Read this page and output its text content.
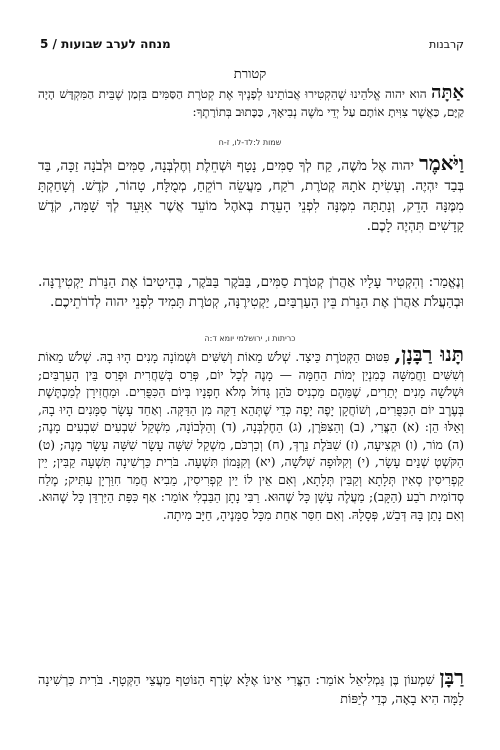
קרבנות
מנחה לערב שבועות / 5
קטורת
אַתָּה הוא יהוה אֱלֹהֵינוּ שֶׁהִקְטִירוּ אֲבוֹתֵינוּ לְפָנֶיךָ אֶת קְטֹרֶת הַסַּמִּים בִּזְמַן שֶׁבֵּית הַמִּקְדָּשׁ הָיָה קַיָּם, כַּאֲשֶׁר צִוִּיתָ אוֹתָם עַל יְדֵי מֹשֶׁה נְבִיאָךְ, כַּכָּתוּב בְּתוֹרָתֶךָ:
שמות ל:לד-לו, ז-ח
וַיֹּאמֶר יהוה אֶל מֹשֶׁה, קַח לְךָ סַמִּים, נָטָף וּשְׁחֵלֶת וְחֶלְבְּנָה, סַמִּים וּלְבֹנָה זַכָּה, בַּד בְּבַד יִהְיֶה. וְעָשִׂיתָ אֹתָהּ קְטֹרֶת, רֹקַח, מַעֲשֵׂה רוֹקֵחַ, מְמֻלָּח, טָהוֹר, קֹדֶשׁ. וְשָׁחַקְתָּ מִמֶּנָּה הָדֵק, וְנָתַתָּה מִמֶּנָּה לִפְנֵי הָעֵדֻת בְּאֹהֶל מוֹעֵד אֲשֶׁר אִוָּעֵד לְךָ שָׁמָּה, קֹדֶשׁ קָדָשִׁים תִּהְיֶה לָכֶם.
וְנֶאֱמַר: וְהִקְטִיר עָלָיו אַהֲרֹן קְטֹרֶת סַמִּים, בַּבֹּקֶר בַּבֹּקֶר, בְּהֵיטִיבוֹ אֶת הַנֵּרֹת יַקְטִירֶנָּה. וּבְהַעֲלֹת אַהֲרֹן אֶת הַנֵּרֹת בֵּין הָעַרְבַּיִם, יַקְטִירֶנָּה, קְטֹרֶת תָּמִיד לִפְנֵי יהוה לְדֹרֹתֵיכֶם.
כריתות ו, ירושלמי יומא ד:ה
תָּנוּ רַבָּנָן, פִּטּוּם הַקְּטֹרֶת כֵּיצַד. שְׁלֹשׁ מֵאוֹת וְשִׁשִּׁים וּשְׁמוֹנָה מָנִים הָיוּ בָהּ. שְׁלֹשׁ מֵאוֹת וְשִׁשִּׁים וַחֲמִשָּׁה כְּמִנְיַן יְמוֹת הַחַמָּה — מָנֶה לְכָל יוֹם, פְּרַס בְּשַׁחֲרִית וּפְרַס בֵּין הָעַרְבַּיִם; וּשְׁלֹשָׁה מָנִים יְתֵרִים, שֶׁמֵּהֶם מַכְנִיס כֹּהֵן גָּדוֹל מְלֹא חָפְנָיו בְּיוֹם הַכִּפֻּרִים. וּמַחֲזִירָן לְמַכְתֶּשֶׁת בְּעֶרֶב יוֹם הַכִּפֻּרִים, וְשׁוֹחֲקָן יָפֶה יָפֶה כְּדֵי שֶׁתְּהֵא דַקָּה מִן הַדַּקָּה. וְאַחַד עָשָׂר סַמָּנִים הָיוּ בָהּ, וְאֵלּוּ הֵן: (א) הַצֳּרִי, (ב) וְהַצִּפֹּרֶן, (ג) הַחֶלְבְּנָה, (ד) וְהַלְּבוֹנָה, מִשְׁקַל שִׁבְעִים שִׁבְעִים מָנֶה; (ה) מוֹר, (ו) וּקְצִיעָה, (ז) שִׁבֹּלֶת נֵרְדְּ, (ח) וְכַרְכֹּם, מִשְׁקַל שִׁשָּׁה עָשָׂר שִׁשָּׁה עָשָׂר מָנֶה; (ט) הַקֹּשְׁטְ שְׁנֵים עָשָׂר, (י) וְקִלּוּפָה שְׁלֹשָׁה, (יא) וְקִנָּמוֹן תִּשְׁעָה. בֹּרִית כַּרְשִׁינָה תִּשְׁעָה קַבִּין; יֵין קַפְרִיסִין סְאִין תְּלָתָא וְקַבִּין תְּלָתָא, וְאִם אֵין לוֹ יֵין קַפְרִיסִין, מֵבִיא חֲמַר חִוַּרְיָן עַתִּיק; מֶלַח סְדוֹמִית רֹבַע (הַקָּב); מַעֲלֶה עָשָׁן כָּל שֶׁהוּא. רַבִּי נָתָן הַבַּבְלִי אוֹמֵר: אַף כִּפַּת הַיַּרְדֵּן כָּל שֶׁהוּא. וְאִם נָתַן בָּהּ דְּבַשׁ, פְּסָלָהּ. וְאִם חִסַּר אַחַת מִכָּל סַמָּנֶיהָ, חַיָּב מִיתָה.
רַבָּן שִׁמְעוֹן בֶּן גַּמְלִיאֵל אוֹמֵר: הַצֳּרִי אֵינוֹ אֶלָּא שְׂרָף הַנּוֹטֵף מֵעֲצֵי הַקְּטָף. בֹּרִית כַּרְשִׁינָה לָמָּה הִיא בָאָה, כְּדֵי לְיַפּוֹת
